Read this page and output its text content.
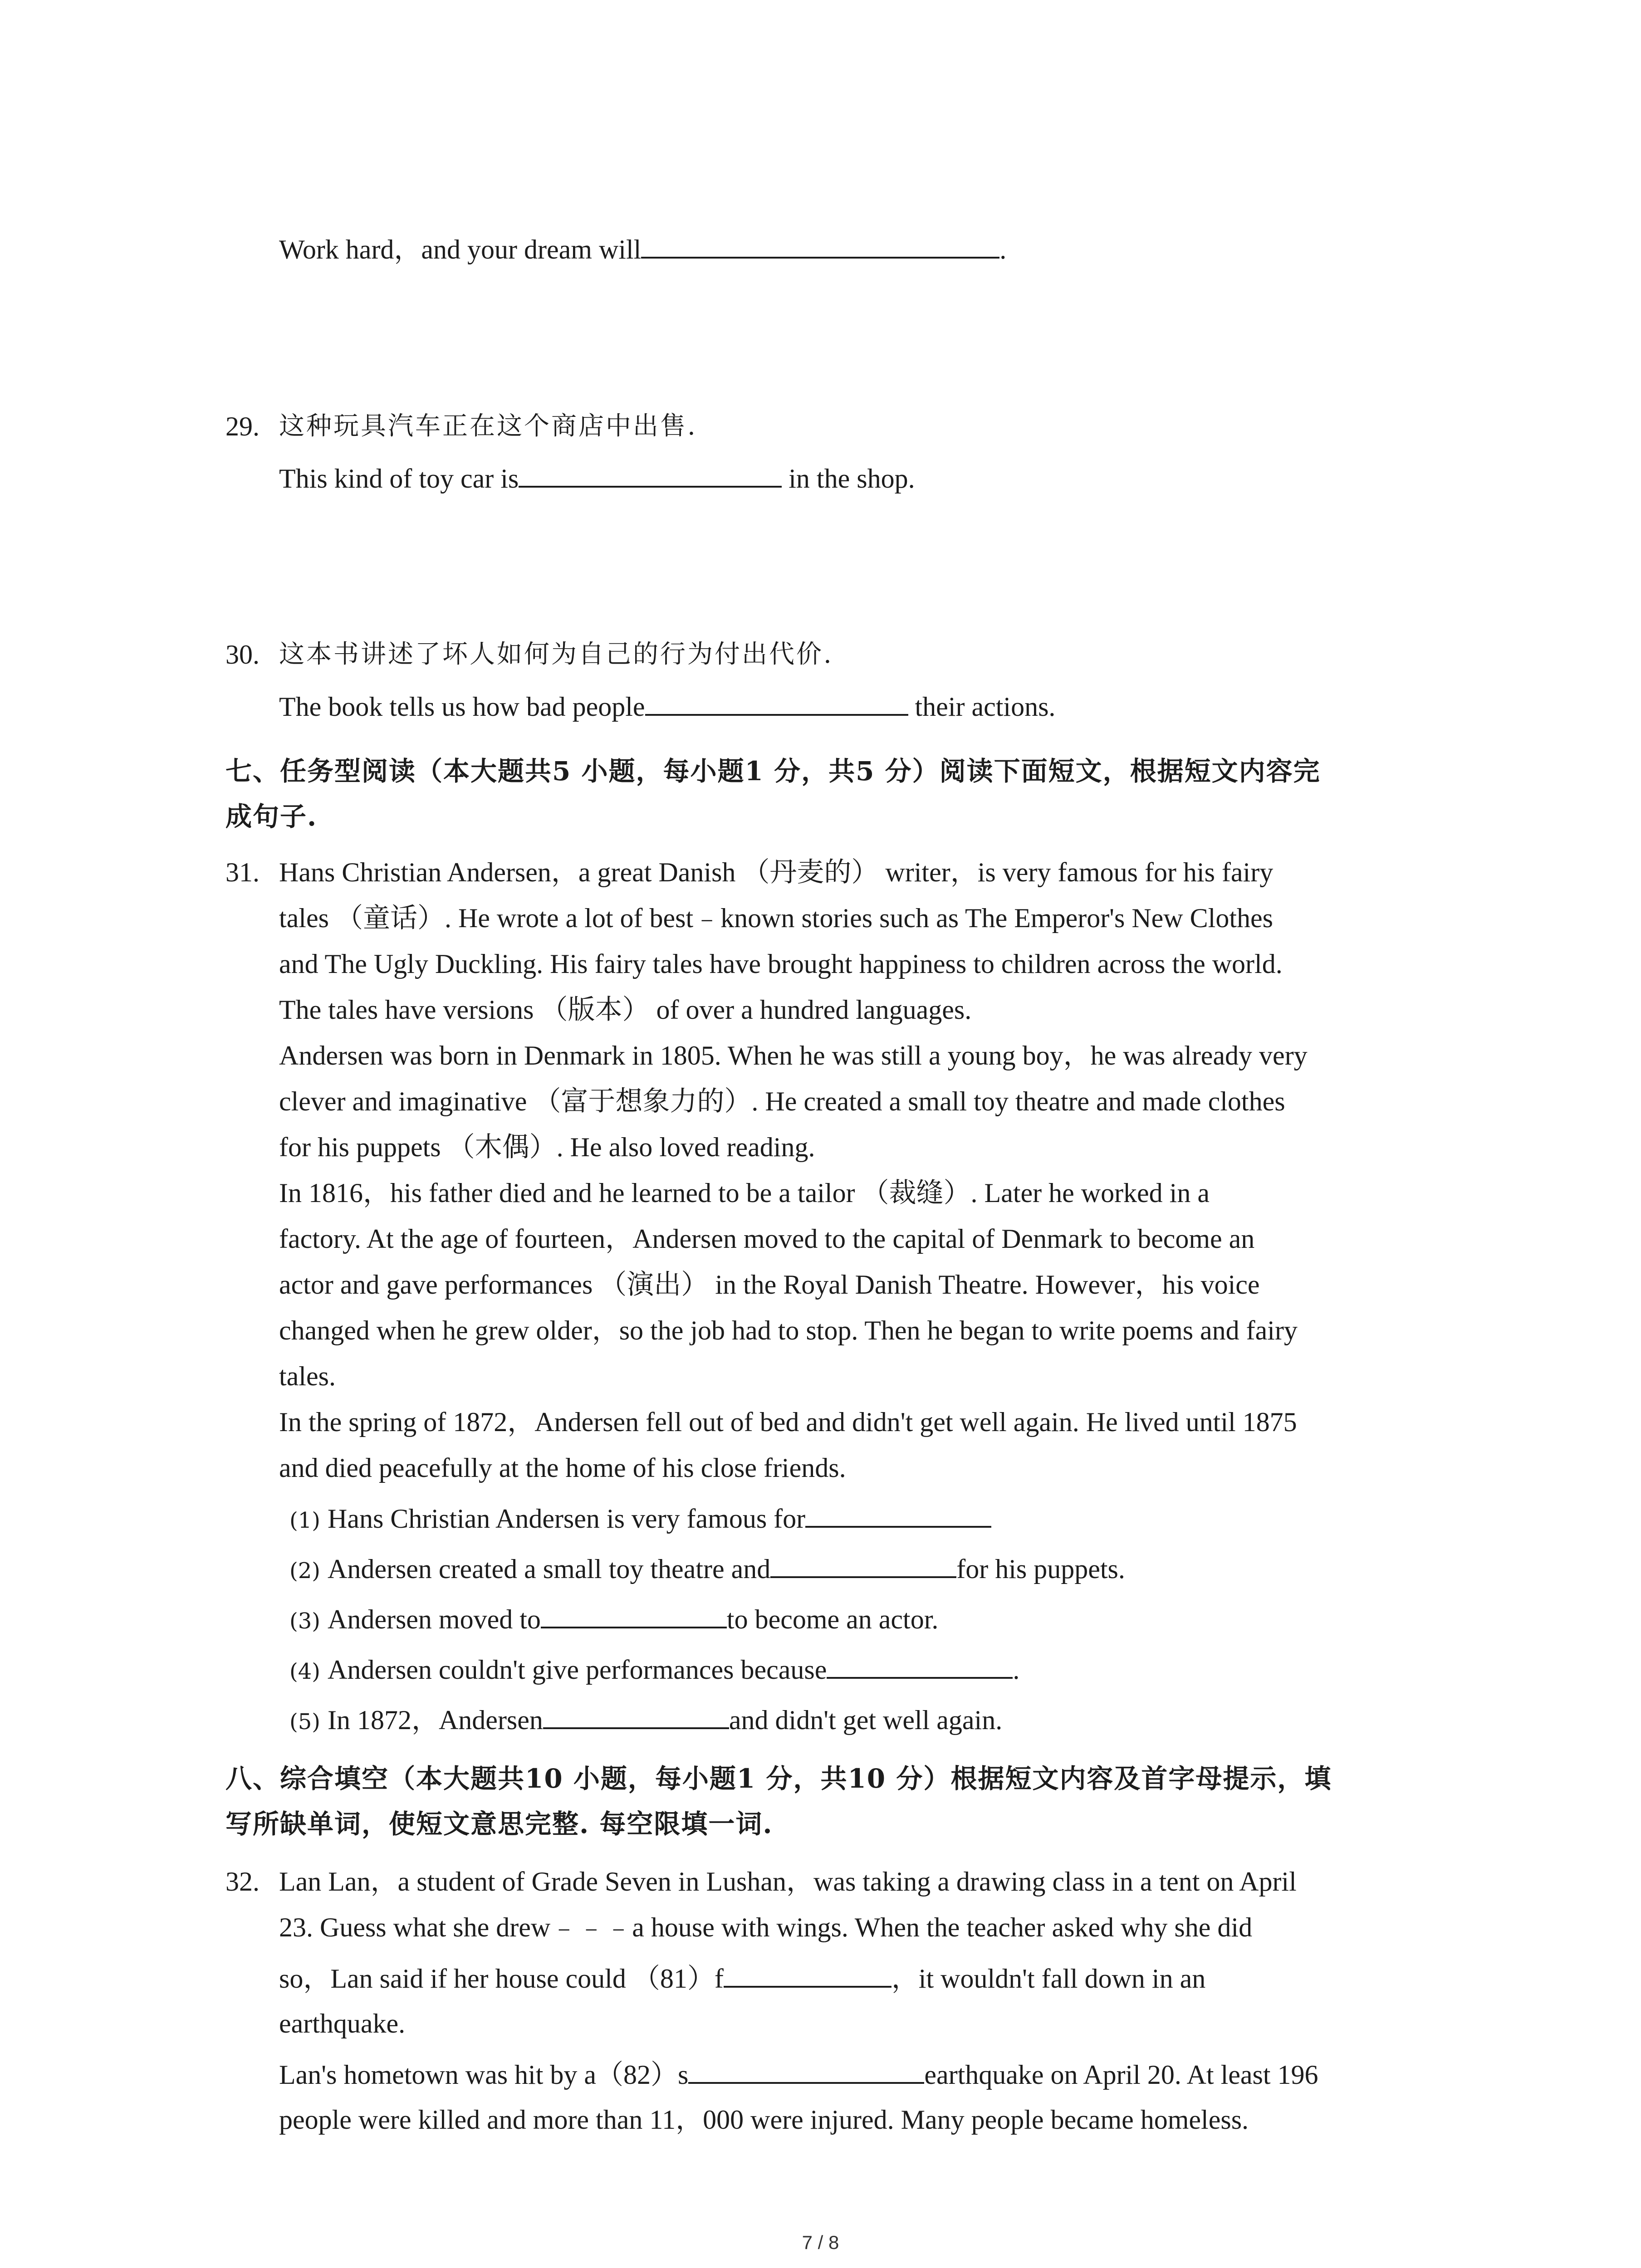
Work hard，and your dream will	.
29. 这种玩具汽车正在这个商店中出售.
This kind of toy car is	in the shop.
30. 这本书讲述了坏人如何为自己的行为付出代价.
The book tells us how bad people	their actions.
七、任务型阅读（本大题共5 小题，每小题1 分，共5 分）阅读下面短文，根据短文内容完
成句子.
31. Hans Christian Andersen，a great Danish （丹麦的） writer，is very famous for his fairy
tales （童话）. He wrote a lot of best﹣known stories such as The Emperor's New Clothes
and The Ugly Duckling. His fairy tales have brought happiness to children across the world.
The tales have versions （版本） of over a hundred languages.
Andersen was born in Denmark in 1805. When he was still a young boy，he was already very
clever and imaginative （富于想象力的）. He created a small toy theatre and made clothes
for his puppets （木偶）. He also loved reading.
In 1816，his father died and he learned to be a tailor （裁缝）. Later he worked in a
factory. At the age of fourteen，Andersen moved to the capital of Denmark to become an
actor and gave performances （演出） in the Royal Danish Theatre. However，his voice
changed when he grew older，so the job had to stop. Then he began to write poems and fairy
tales.
In the spring of 1872，Andersen fell out of bed and didn't get well again. He lived until 1875
and died peacefully at the home of his close friends.
(1) Hans Christian Andersen is very famous for
(2) Andersen created a small toy theatre and	for his puppets.
(3) Andersen moved to	to become an actor.
(4) Andersen couldn't give performances because	.
(5) In 1872，Andersen	and didn't get well again.
八、综合填空（本大题共10 小题，每小题1 分，共10 分）根据短文内容及首字母提示，填
写所缺单词，使短文意思完整. 每空限填一词.
32. Lan Lan，a student of Grade Seven in Lushan，was taking a drawing class in a tent on April
23. Guess what she drew﹣﹣﹣a house with wings. When the teacher asked why she did
so，Lan said if her house could （81）f	，it wouldn't fall down in an
earthquake.
Lan's hometown was hit by a（82）s	earthquake on April 20. At least 196
people were killed and more than 11，000 were injured. Many people became homeless.
7 / 8
